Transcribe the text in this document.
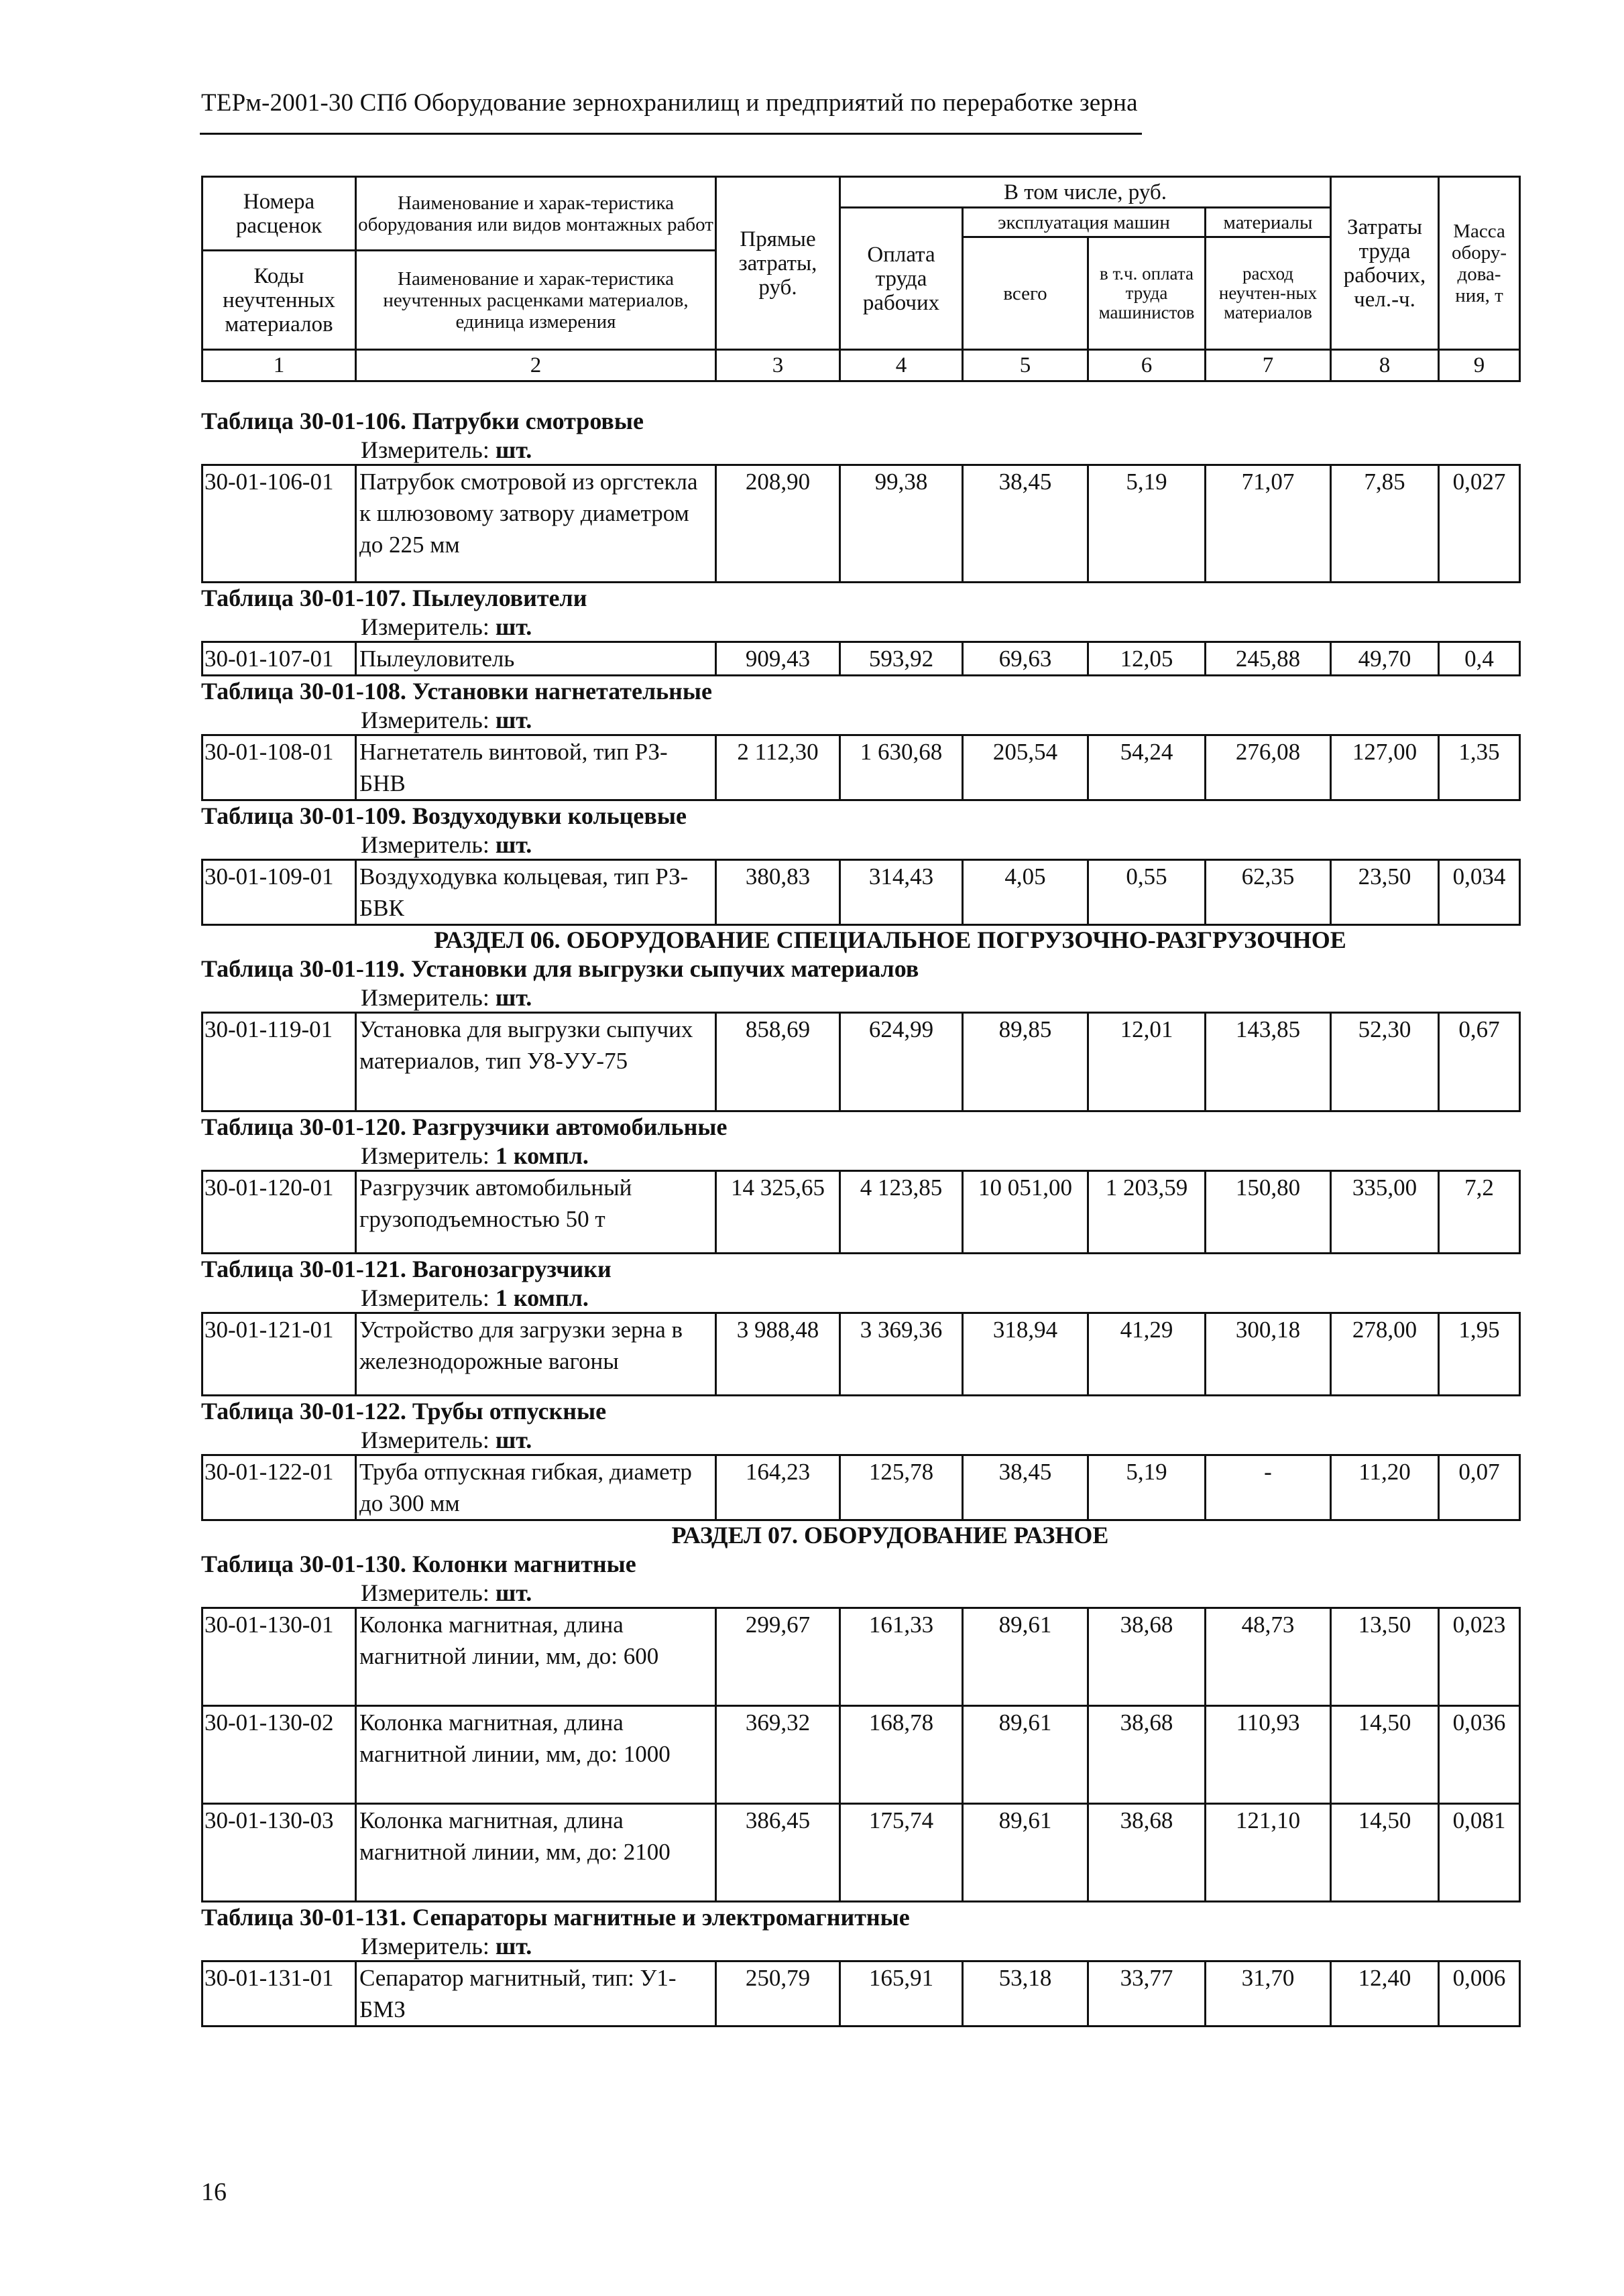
ТЕРм-2001-30 СПб Оборудование зернохранилищ и предприятий по переработке зерна
Номера расценок	Наименование и харак-теристика оборудования или видов монтажных работ	Прямые затраты, руб.	В том числе, руб.				Затраты труда рабочих, чел.-ч.	Масса обору-дова-ния, т
			Оплата труда рабочих	эксплуатация машин		материалы		
				всего	в т.ч. оплата труда машинистов	расход неучтен-ных материалов		
Коды неучтенных материалов	Наименование и харак-теристика неучтенных расценками материалов, единица измерения							

1	2	3	4	5	6	7	8	9
Таблица 30-01-106. Патрубки смотровые
Измеритель: шт.
30-01-106-01	Патрубок смотровой из оргстекла к шлюзовому затвору диаметром до 225 мм	208,90	99,38	38,45	5,19	71,07	7,85	0,027
Таблица 30-01-107. Пылеуловители
Измеритель: шт.
30-01-107-01	Пылеуловитель	909,43	593,92	69,63	12,05	245,88	49,70	0,4
Таблица 30-01-108. Установки нагнетательные
Измеритель: шт.
30-01-108-01	Нагнетатель винтовой, тип РЗ-БНВ	2 112,30	1 630,68	205,54	54,24	276,08	127,00	1,35
Таблица 30-01-109. Воздуходувки кольцевые
Измеритель: шт.
30-01-109-01	Воздуходувка кольцевая, тип РЗ-БВК	380,83	314,43	4,05	0,55	62,35	23,50	0,034
РАЗДЕЛ 06. ОБОРУДОВАНИЕ СПЕЦИАЛЬНОЕ ПОГРУЗОЧНО-РАЗГРУЗОЧНОЕ
Таблица 30-01-119. Установки для выгрузки сыпучих материалов
Измеритель: шт.
30-01-119-01	Установка для выгрузки сыпучих материалов, тип У8-УУ-75	858,69	624,99	89,85	12,01	143,85	52,30	0,67
Таблица 30-01-120. Разгрузчики автомобильные
Измеритель: 1 компл.
30-01-120-01	Разгрузчик автомобильный грузоподъемностью 50 т	14 325,65	4 123,85	10 051,00	1 203,59	150,80	335,00	7,2
Таблица 30-01-121. Вагонозагрузчики
Измеритель: 1 компл.
30-01-121-01	Устройство для загрузки зерна в железнодорожные вагоны	3 988,48	3 369,36	318,94	41,29	300,18	278,00	1,95
Таблица 30-01-122. Трубы отпускные
Измеритель: шт.
30-01-122-01	Труба отпускная гибкая, диаметр до 300 мм	164,23	125,78	38,45	5,19	-	11,20	0,07
РАЗДЕЛ 07. ОБОРУДОВАНИЕ РАЗНОЕ
Таблица 30-01-130. Колонки магнитные
Измеритель: шт.
30-01-130-01	Колонка магнитная, длина магнитной линии, мм, до: 600	299,67	161,33	89,61	38,68	48,73	13,50	0,023
30-01-130-02	Колонка магнитная, длина магнитной линии, мм, до: 1000	369,32	168,78	89,61	38,68	110,93	14,50	0,036
30-01-130-03	Колонка магнитная, длина магнитной линии, мм, до: 2100	386,45	175,74	89,61	38,68	121,10	14,50	0,081
Таблица 30-01-131. Сепараторы магнитные и электромагнитные
Измеритель: шт.
30-01-131-01	Сепаратор магнитный, тип: У1-БМЗ	250,79	165,91	53,18	33,77	31,70	12,40	0,006
16
